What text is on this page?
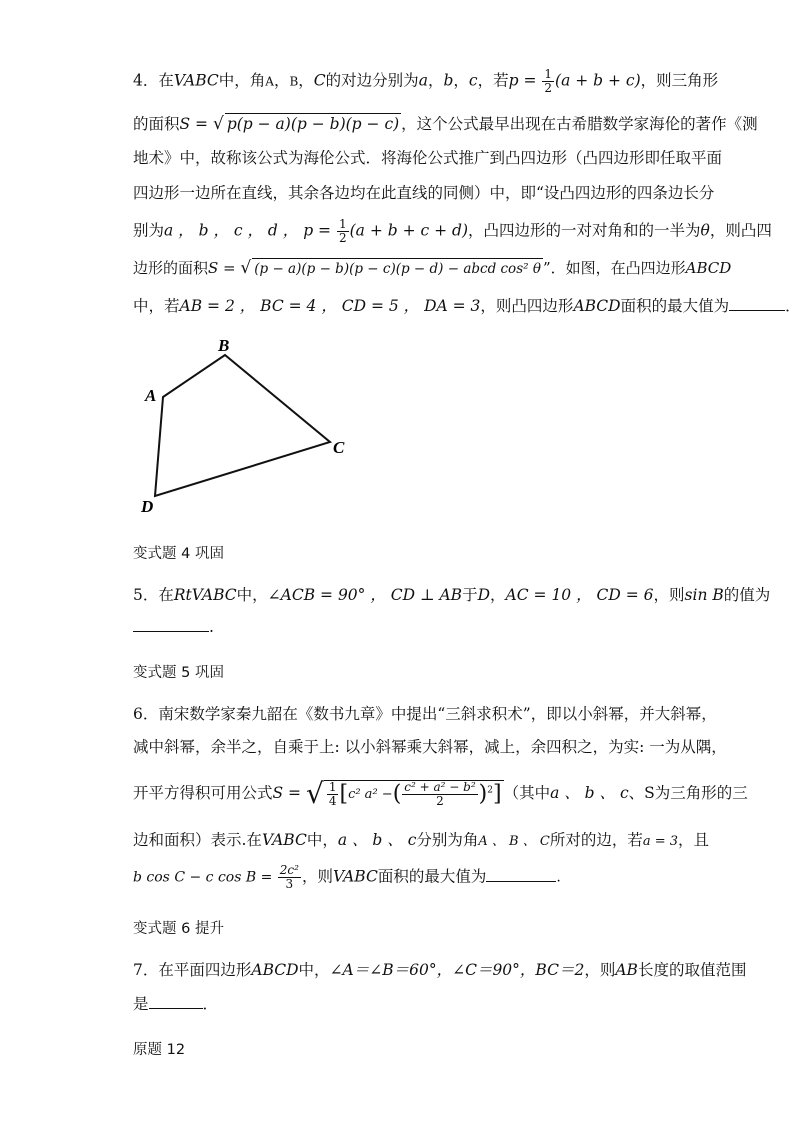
4．在VABC中，角A，B，C的对边分别为a，b，c，若$p = \frac{1}{2} (a + b + c)$，则三角形
的面积S = √ p(p − a)(p − b)(p − c) ，这个公式最早出现在古希腊数学家海伦的著作《测
地术》中，故称该公式为海伦公式．将海伦公式推广到凸四边形（凸四边形即任取平面
四边形一边所在直线，其余各边均在此直线的同侧）中，即“设凸四边形的四条边长分
别为a ， b ， c ， d ， $p = \frac{1}{2} (a + b + c + d)$，凸四边形的一对对角和的一半为θ，则凸四
边形的面积S = √ (p − a)(p − b)(p − c)(p − d) − abcd cos² θ ”．如图，在凸四边形ABCD
中，若AB = 2 ， BC = 4 ， CD = 5 ， DA = 3，则凸四边形ABCD面积的最大值为	．
B
A
C
D
变式题 4 巩固
5．在RtVABC中，∠ACB = 90° ， CD ⊥ AB于D，AC = 10 ， CD = 6，则sin B的值为
.
变式题 5 巩固
6．南宋数学家秦九韶在《数书九章》中提出“三斜求积术”，即以小斜幂，并大斜幂，
减中斜幂，余半之，自乘于上: 以小斜幂乘大斜幂，减上，余四积之，为实: 一为从隅，
开平方得积可用公式S = √ $\frac{1}{4} [c^2$ a² −( $\frac{\text{c² + a² − b²}}{2} )^2$] （其中a 、 b 、 c、S为三角形的三
边和面积）表示.在VABC中，a 、 b 、 c分别为角A 、 B 、 C所对的边，若a = 3，且
b cos C − c $\cos B = \frac{\text{2c²}}{3}$ ，则VABC面积的最大值为	.
变式题 6 提升
7．在平面四边形ABCD中，∠A＝∠B＝60°，∠C＝90°，BC＝2，则AB长度的取值范围
是	．
原题 12
